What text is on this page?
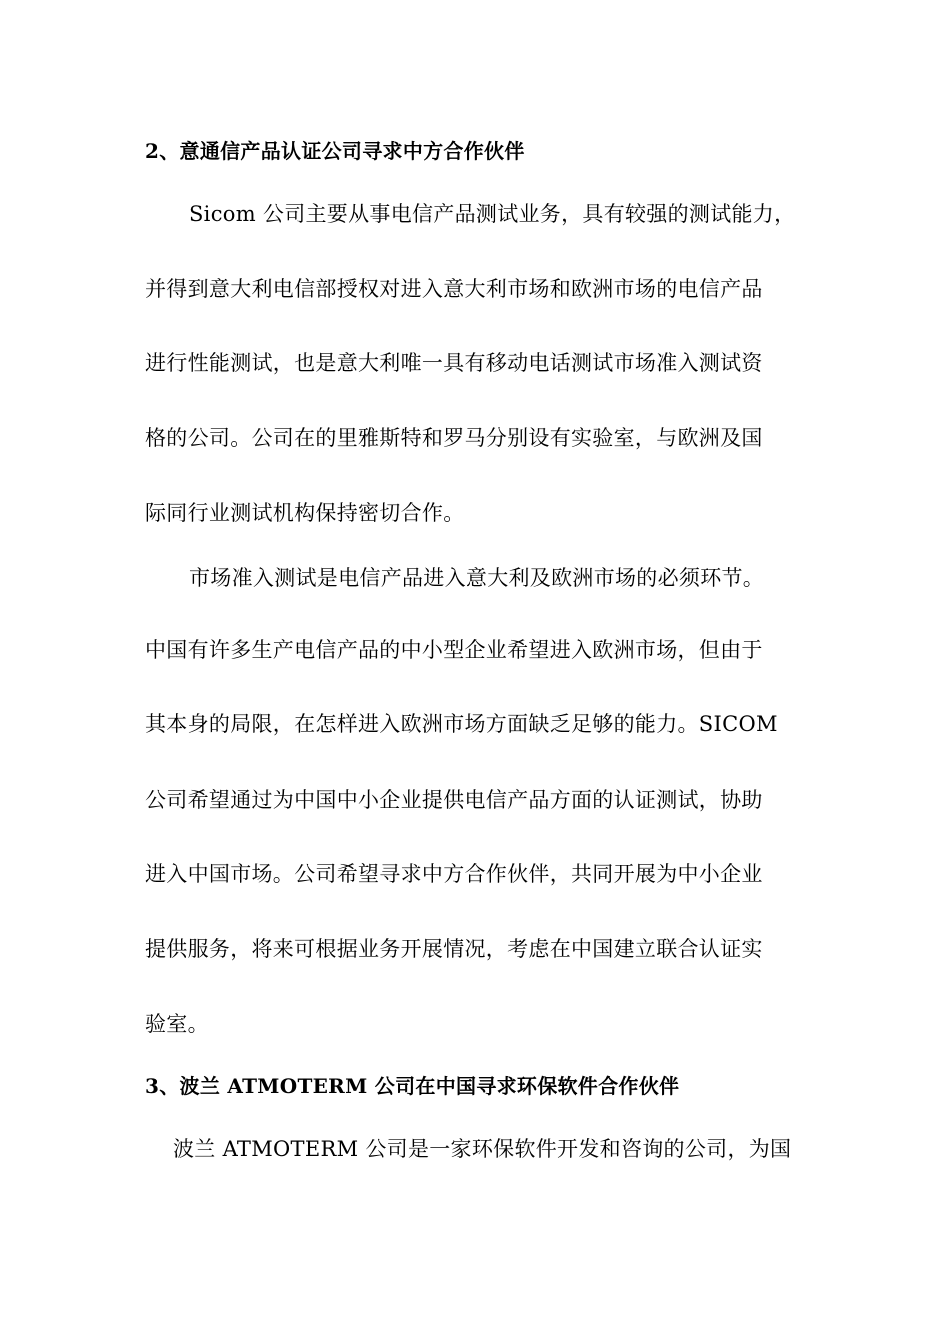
2、意通信产品认证公司寻求中方合作伙伴
Sicom 公司主要从事电信产品测试业务，具有较强的测试能力，
并得到意大利电信部授权对进入意大利市场和欧洲市场的电信产品
进行性能测试，也是意大利唯一具有移动电话测试市场准入测试资
格的公司。公司在的里雅斯特和罗马分别设有实验室，与欧洲及国
际同行业测试机构保持密切合作。
市场准入测试是电信产品进入意大利及欧洲市场的必须环节。
中国有许多生产电信产品的中小型企业希望进入欧洲市场，但由于
其本身的局限，在怎样进入欧洲市场方面缺乏足够的能力。SICOM
公司希望通过为中国中小企业提供电信产品方面的认证测试，协助
进入中国市场。公司希望寻求中方合作伙伴，共同开展为中小企业
提供服务，将来可根据业务开展情况，考虑在中国建立联合认证实
验室。
3、波兰 ATMOTERM 公司在中国寻求环保软件合作伙伴
波兰 ATMOTERM 公司是一家环保软件开发和咨询的公司，为国
